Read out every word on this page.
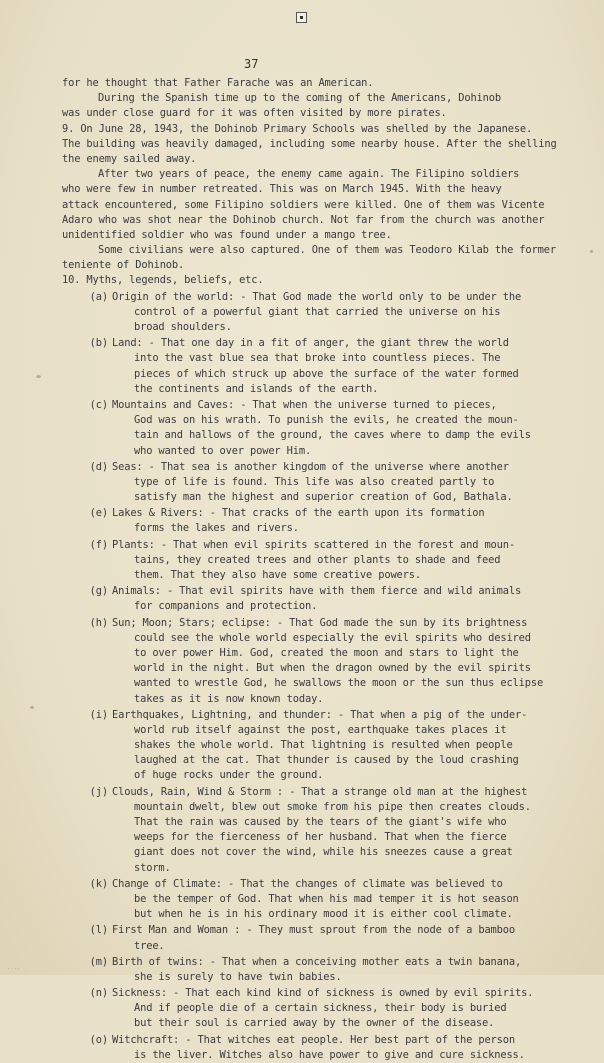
37
for he thought that Father Farache was an American.
During the Spanish time up to the coming of the Americans, Dohinob
was under close guard for it was often visited by more pirates.
9. On June 28, 1943, the Dohinob Primary Schools was shelled by the Japanese.
The building was heavily damaged, including some nearby house. After the shelling
the enemy sailed away.
After two years of peace, the enemy came again. The Filipino soldiers
who were few in number retreated. This was on March 1945. With the heavy
attack encountered, some Filipino soldiers were killed. One of them was Vicente
Adaro who was shot near the Dohinob church. Not far from the church was another
unidentified soldier who was found under a mango tree.
Some civilians were also captured. One of them was Teodoro Kilab the former
teniente of Dohinob.
10. Myths, legends, beliefs, etc.
(a) Origin of the world: - That God made the world only to be under the
control of a powerful giant that carried the universe on his
broad shoulders.
(b) Land: - That one day in a fit of anger, the giant threw the world
into the vast blue sea that broke into countless pieces. The
pieces of which struck up above the surface of the water formed
the continents and islands of the earth.
(c) Mountains and Caves: - That when the universe turned to pieces,
God was on his wrath. To punish the evils, he created the moun-
tain and hallows of the ground, the caves where to damp the evils
who wanted to over power Him.
(d) Seas: - That sea is another kingdom of the universe where another
type of life is found. This life was also created partly to
satisfy man the highest and superior creation of God, Bathala.
(e) Lakes & Rivers: - That cracks of the earth upon its formation
forms the lakes and rivers.
(f) Plants: - That when evil spirits scattered in the forest and moun-
tains, they created trees and other plants to shade and feed
them. That they also have some creative powers.
(g) Animals: - That evil spirits have with them fierce and wild animals
for companions and protection.
(h) Sun; Moon; Stars; eclipse: - That God made the sun by its brightness
could see the whole world especially the evil spirits who desired
to over power Him. God, created the moon and stars to light the
world in the night. But when the dragon owned by the evil spirits
wanted to wrestle God, he swallows the moon or the sun thus eclipse
takes as it is now known today.
(i) Earthquakes, Lightning, and thunder: - That when a pig of the under-
world rub itself against the post, earthquake takes places it
shakes the whole world. That lightning is resulted when people
laughed at the cat. That thunder is caused by the loud crashing
of huge rocks under the ground.
(j) Clouds, Rain, Wind & Storm : - That a strange old man at the highest
mountain dwelt, blew out smoke from his pipe then creates clouds.
That the rain was caused by the tears of the giant's wife who
weeps for the fierceness of her husband. That when the fierce
giant does not cover the wind, while his sneezes cause a great
storm.
(k) Change of Climate: - That the changes of climate was believed to
be the temper of God. That when his mad temper it is hot season
but when he is in his ordinary mood it is either cool climate.
(l) First Man and Woman : - They must sprout from the node of a bamboo
tree.
(m) Birth of twins: - That when a conceiving mother eats a twin banana,
she is surely to have twin babies.
(n) Sickness: - That each kind kind of sickness is owned by evil spirits.
And if people die of a certain sickness, their body is buried
but their soul is carried away by the owner of the disease.
(o) Witchcraft: - That witches eat people. Her best part of the person
is the liver. Witches also have power to give and cure sickness.
· · · ·
